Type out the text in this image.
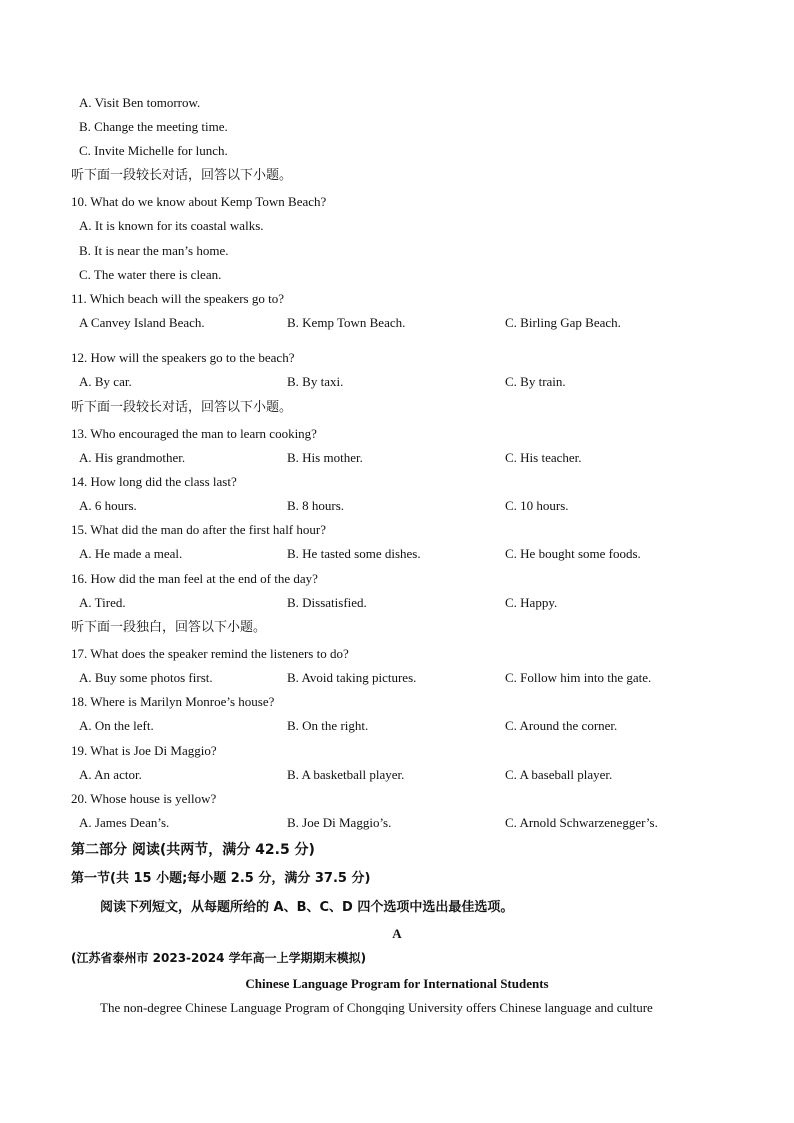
A. Visit Ben tomorrow.
B. Change the meeting time.
C. Invite Michelle for lunch.
听下面一段较长对话，回答以下小题。
10. What do we know about Kemp Town Beach?
A. It is known for its coastal walks.
B. It is near the man’s home.
C. The water there is clean.
11. Which beach will the speakers go to?
A Canvey Island Beach.	B. Kemp Town Beach.	C. Birling Gap Beach.
12. How will the speakers go to the beach?
A. By car.	B. By taxi.	C. By train.
听下面一段较长对话，回答以下小题。
13. Who encouraged the man to learn cooking?
A. His grandmother.	B. His mother.	C. His teacher.
14. How long did the class last?
A. 6 hours.	B. 8 hours.	C. 10 hours.
15. What did the man do after the first half hour?
A. He made a meal.	B. He tasted some dishes.	C. He bought some foods.
16. How did the man feel at the end of the day?
A. Tired.	B. Dissatisfied.	C. Happy.
听下面一段独白，回答以下小题。
17. What does the speaker remind the listeners to do?
A. Buy some photos first.	B. Avoid taking pictures.	C. Follow him into the gate.
18. Where is Marilyn Monroe’s house?
A. On the left.	B. On the right.	C. Around the corner.
19. What is Joe Di Maggio?
A. An actor.	B. A basketball player.	C. A baseball player.
20. Whose house is yellow?
A. James Dean’s.	B. Joe Di Maggio’s.	C. Arnold Schwarzenegger’s.
第二部分 阅读(共两节，满分 42.5 分)
第一节(共 15 小题;每小题 2.5 分，满分 37.5 分)
阅读下列短文，从每题所给的 A、B、C、D 四个选项中选出最佳选项。
A
(江苏省泰州市 2023-2024 学年高一上学期期末模拟)
Chinese Language Program for International Students
The non-degree Chinese Language Program of Chongqing University offers Chinese language and culture
